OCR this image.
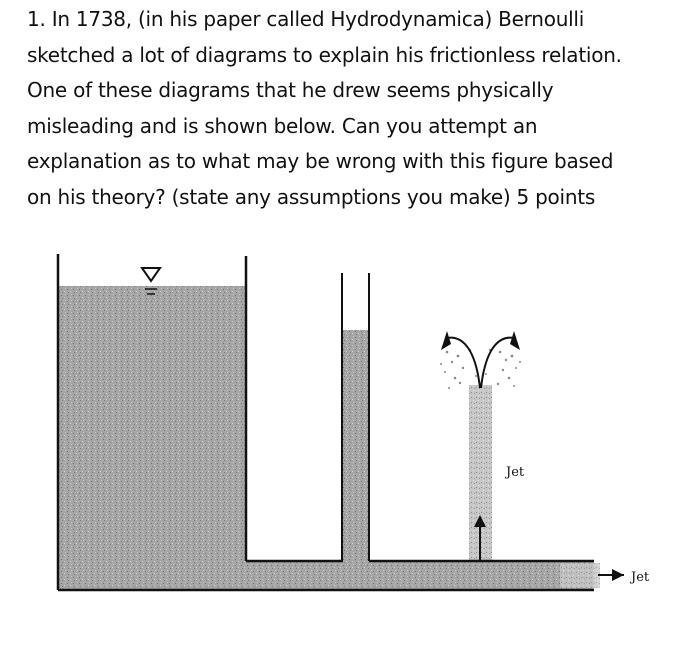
1. In 1738, (in his paper called Hydrodynamica) Bernoulli
sketched a lot of diagrams to explain his frictionless relation.
One of these diagrams that he drew seems physically
misleading and is shown below. Can you attempt an
explanation as to what may be wrong with this figure based
on his theory? (state any assumptions you make) 5 points
Jet
Jet
